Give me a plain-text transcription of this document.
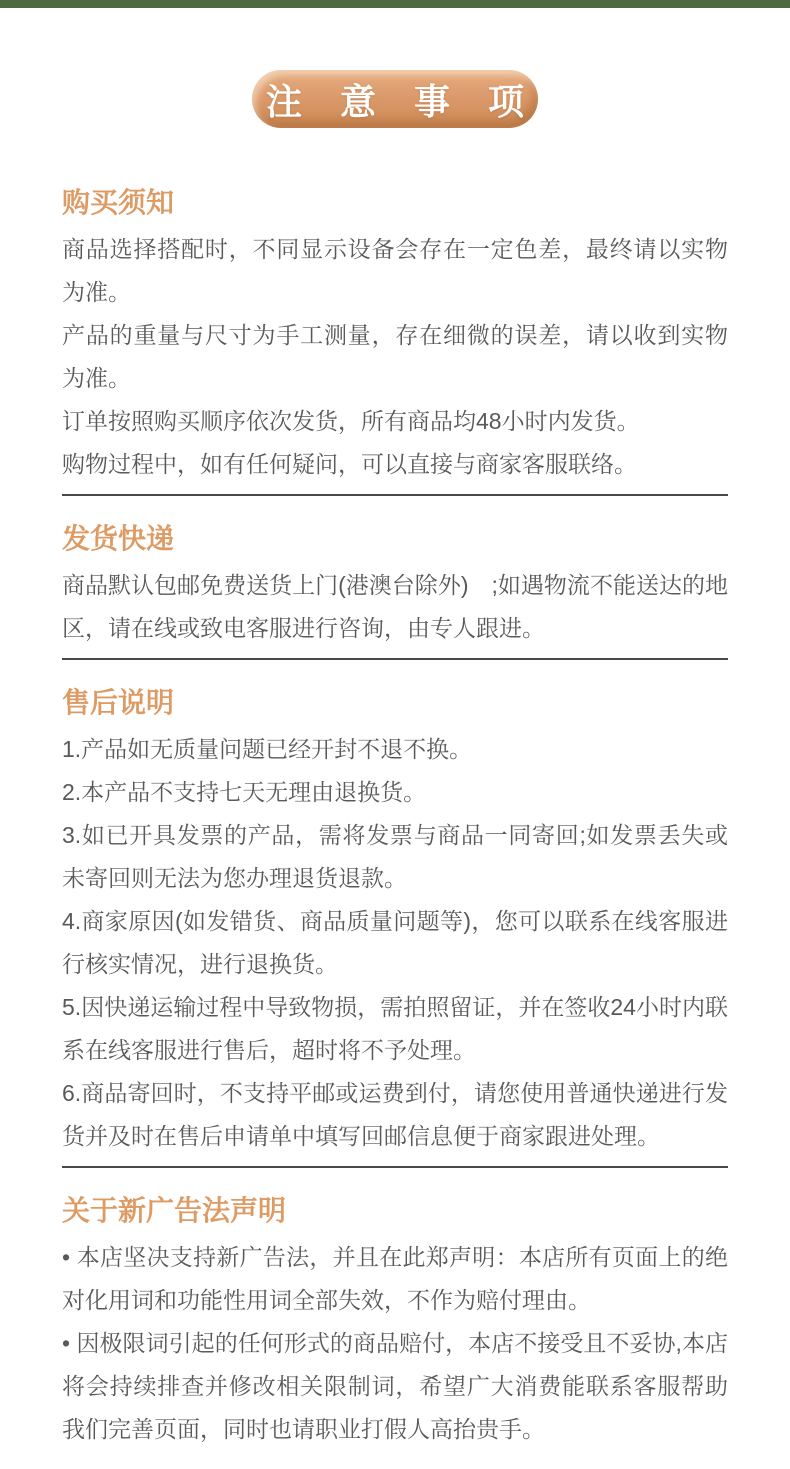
注 意 事 项
购买须知

商品选择搭配时，不同显示设备会存在一定色差，最终请以实物为准。

产品的重量与尺寸为手工测量，存在细微的误差，请以收到实物为准。

订单按照购买顺序依次发货，所有商品均48小时内发货。

购物过程中，如有任何疑问，可以直接与商家客服联络。

发货快递

商品默认包邮免费送货上门(港澳台除外)　;如遇物流不能送达的地区，请在线或致电客服进行咨询，由专人跟进。

售后说明

1.产品如无质量问题已经开封不退不换。

2.本产品不支持七天无理由退换货。

3.如已开具发票的产品，需将发票与商品一同寄回;如发票丢失或未寄回则无法为您办理退货退款。

4.商家原因(如发错货、商品质量问题等)，您可以联系在线客服进行核实情况，进行退换货。

5.因快递运输过程中导致物损，需拍照留证，并在签收24小时内联系在线客服进行售后，超时将不予处理。

6.商品寄回时，不支持平邮或运费到付，请您使用普通快递进行发货并及时在售后申请单中填写回邮信息便于商家跟进处理。

关于新广告法声明

• 本店坚决支持新广告法，并且在此郑声明：本店所有页面上的绝对化用词和功能性用词全部失效，不作为赔付理由。

• 因极限词引起的任何形式的商品赔付，本店不接受且不妥协,本店将会持续排查并修改相关限制词，希望广大消费能联系客服帮助我们完善页面，同时也请职业打假人高抬贵手。
